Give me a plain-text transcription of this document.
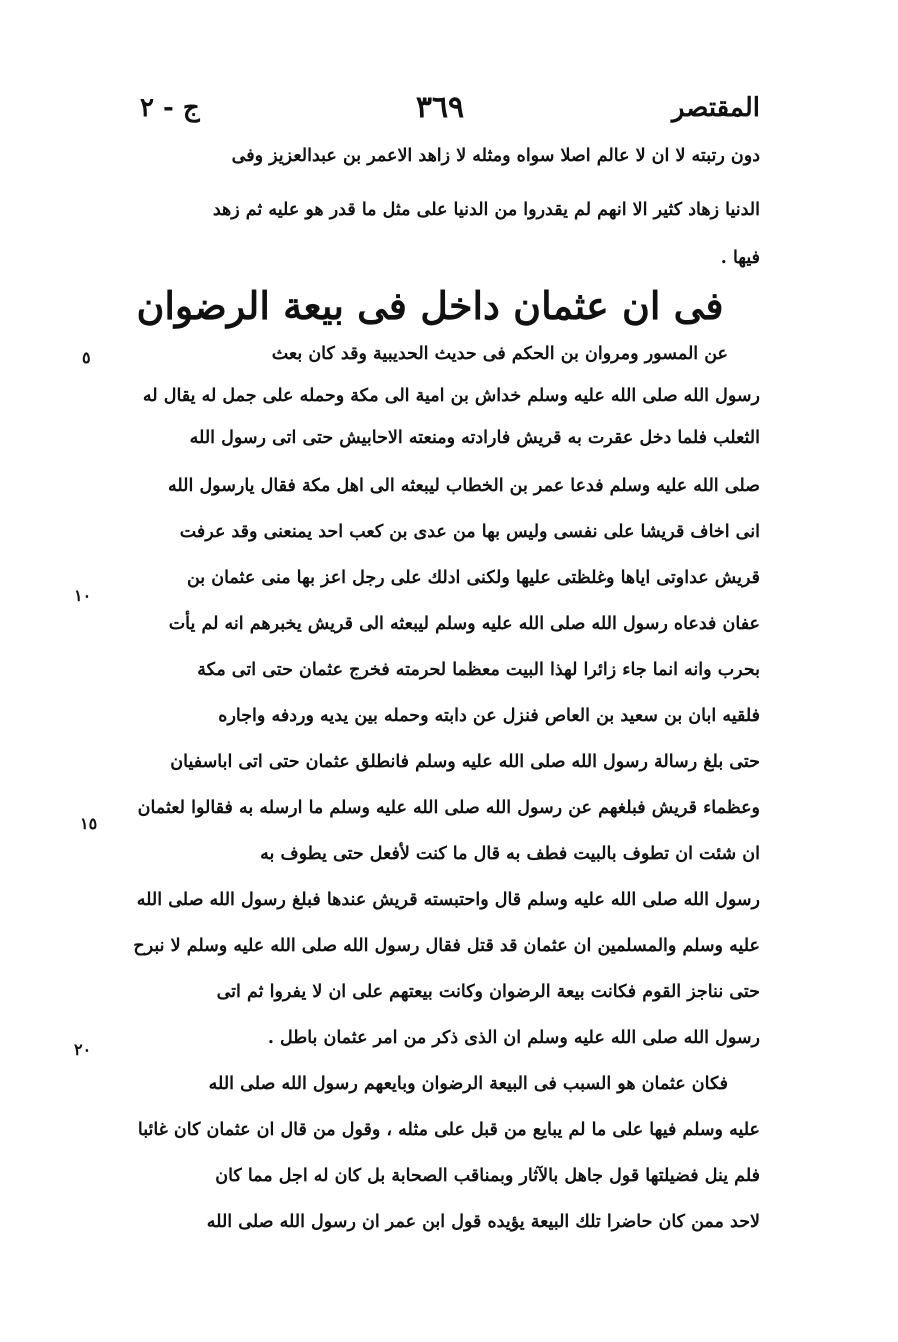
المقتصر
٣٦٩
ج - ٢
دون رتبته لا ان لا عالم اصلا سواه ومثله لا زاهد الاعمر بن عبدالعزيز وفى
الدنيا زهاد كثير الا انهم لم يقدروا من الدنيا على مثل ما قدر هو عليه ثم زهد
فيها .
فى ان عثمان داخل فى بيعة الرضوان
عن المسور ومروان بن الحكم فى حديث الحديبية وقد كان بعث
رسول الله صلى الله عليه وسلم خداش بن امية الى مكة وحمله على جمل له يقال له
الثعلب فلما دخل عقرت به قريش فارادته ومنعته الاحابيش حتى اتى رسول الله
صلى الله عليه وسلم فدعا عمر بن الخطاب ليبعثه الى اهل مكة فقال يارسول الله
انى اخاف قريشا على نفسى وليس بها من عدى بن كعب احد يمنعنى وقد عرفت
قريش عداوتى اياها وغلظتى عليها ولكنى ادلك على رجل اعز بها منى عثمان بن
عفان فدعاه رسول الله صلى الله عليه وسلم ليبعثه الى قريش يخبرهم انه لم يأت
بحرب وانه انما جاء زائرا لهذا البيت معظما لحرمته فخرج عثمان حتى اتى مكة
فلقيه ابان بن سعيد بن العاص فنزل عن دابته وحمله بين يديه وردفه واجاره
حتى بلغ رسالة رسول الله صلى الله عليه وسلم فانطلق عثمان حتى اتى اباسفيان
وعظماء قريش فبلغهم عن رسول الله صلى الله عليه وسلم ما ارسله به فقالوا لعثمان
ان شئت ان تطوف بالبيت فطف به قال ما كنت لأفعل حتى يطوف به
رسول الله صلى الله عليه وسلم قال واحتبسته قريش عندها فبلغ رسول الله صلى الله
عليه وسلم والمسلمين ان عثمان قد قتل فقال رسول الله صلى الله عليه وسلم لا نبرح
حتى نناجز القوم فكانت بيعة الرضوان وكانت بيعتهم على ان لا يفروا ثم اتى
رسول الله صلى الله عليه وسلم ان الذى ذكر من امر عثمان باطل .
فكان عثمان هو السبب فى البيعة الرضوان وبايعهم رسول الله صلى الله
عليه وسلم فيها على ما لم يبايع من قبل على مثله ، وقول من قال ان عثمان كان غائبا
فلم ينل فضيلتها قول جاهل بالآثار وبمناقب الصحابة بل كان له اجل مما كان
لاحد ممن كان حاضرا تلك البيعة يؤيده قول ابن عمر ان رسول الله صلى الله
٥
١٠
١٥
٢٠
